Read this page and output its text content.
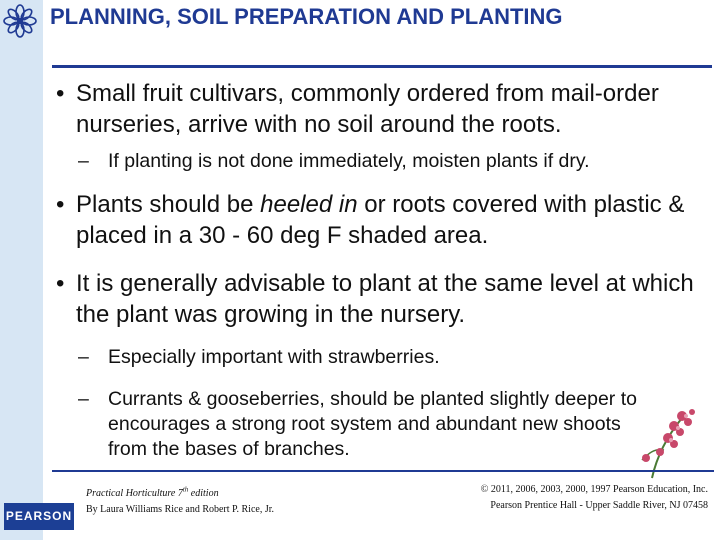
PLANNING, SOIL PREPARATION AND PLANTING
• Small fruit cultivars, commonly ordered from mail-order nurseries, arrive with no soil around the roots.
– If planting is not done immediately, moisten plants if dry.
• Plants should be heeled in or roots covered with plastic & placed in a 30 - 60 deg F shaded area.
• It is generally advisable to plant at the same level at which the plant was growing in the nursery.
– Especially important with strawberries.
– Currants & gooseberries, should be planted slightly deeper to encourages a strong root system and abundant new shoots from the bases of branches.
PEARSON
Practical Horticulture 7th edition
By Laura Williams Rice and Robert P. Rice, Jr.
© 2011, 2006, 2003, 2000, 1997 Pearson Education, Inc.
Pearson Prentice Hall - Upper Saddle River, NJ 07458
